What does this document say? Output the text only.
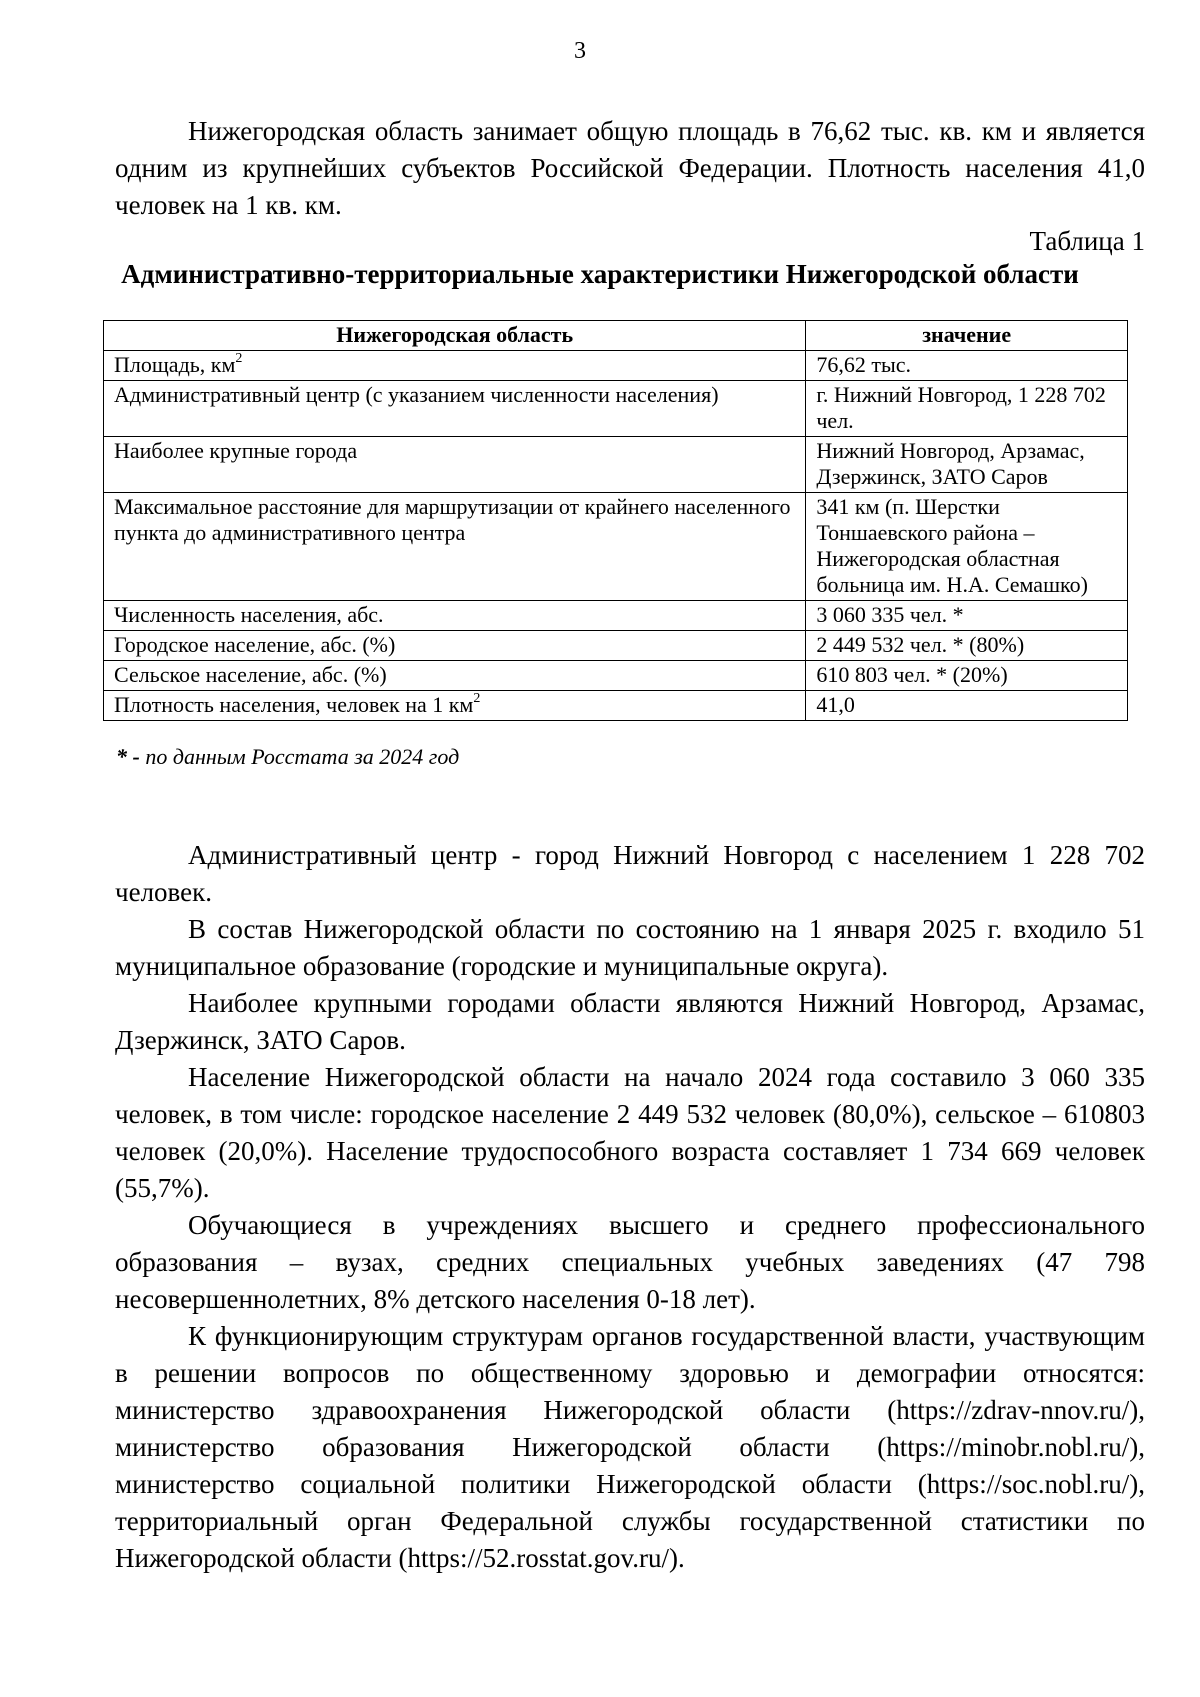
3

Нижегородская область занимает общую площадь в 76,62 тыс. кв. км и является одним из крупнейших субъектов Российской Федерации. Плотность населения 41,0 человек на 1 кв. км.

Таблица 1
Административно-территориальные характеристики Нижегородской области
Нижегородская область	значение
Площадь, $км^2$	76,62 тыс.
Административный центр (с указанием численности населения)	г. Нижний Новгород, 1 228 702 чел.
Наиболее крупные города	Нижний Новгород, Арзамас, Дзержинск, ЗАТО Саров
Максимальное расстояние для маршрутизации от крайнего населенного пункта до административного центра	341 км (п. Шерстки Тоншаевского района – Нижегородская областная больница им. Н.А. Семашко)
Численность населения, абс.	3 060 335 чел. *
Городское население, абс. (%)	2 449 532 чел. * (80%)
Сельское население, абс. (%)	610 803 чел. * (20%)
Плотность населения, человек на 1 $км^2$	41,0
* - по данным Росстата за 2024 год

Административный центр - город Нижний Новгород с населением 1 228 702 человек.

В состав Нижегородской области по состоянию на 1 января 2025 г. входило 51 муниципальное образование (городские и муниципальные округа).

Наиболее крупными городами области являются Нижний Новгород, Арзамас, Дзержинск, ЗАТО Саров.

Население Нижегородской области на начало 2024 года составило 3 060 335 человек, в том числе: городское население 2 449 532 человек (80,0%), сельское – 610803 человек (20,0%). Население трудоспособного возраста составляет 1 734 669 человек (55,7%).

Обучающиеся в учреждениях высшего и среднего профессионального образования – вузах, средних специальных учебных заведениях (47 798 несовершеннолетних, 8% детского населения 0-18 лет).

К функционирующим структурам органов государственной власти, участвующим в решении вопросов по общественному здоровью и демографии относятся: министерство здравоохранения Нижегородской области (https://zdrav-nnov.ru/), министерство образования Нижегородской области (https://minobr.nobl.ru/), министерство социальной политики Нижегородской области (https://soc.nobl.ru/), территориальный орган Федеральной службы государственной статистики по Нижегородской области (https://52.rosstat.gov.ru/).
